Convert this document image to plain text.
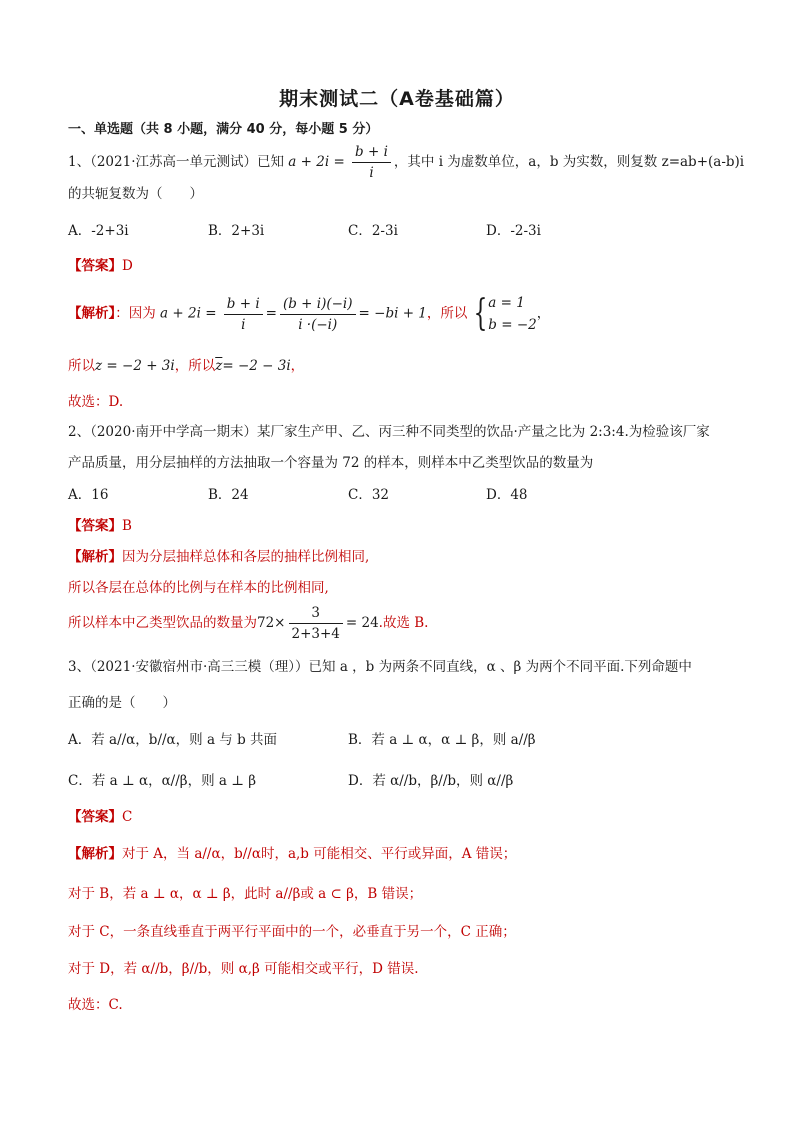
期末测试二（A卷基础篇）
一、单选题（共 8 小题，满分 40 分，每小题 5 分）
1、（2021·江苏高一单元测试）已知 $a + 2i = \frac{b + i}{i}$ ，其中 i 为虚数单位，a，b 为实数，则复数 z=ab+(a-b)i
的共轭复数为（　　）
A．-2+3i	B．2+3i	C．2-3i	D．-2-3i
【答案】D
【解析】：因为 $a + 2i = \frac{b + i}{i} = \frac{(b + i)(-i)}{i \cdot(-i)} = -bi + 1$，所以 { a = 1
b = −2
，
所以z = −2 + 3i，所以$\overline{z}= -2 - 3i$，
故选：D.
2、（2020·南开中学高一期末）某厂家生产甲、乙、丙三种不同类型的饮品·产量之比为 2:3:4.为检验该厂家
产品质量，用分层抽样的方法抽取一个容量为 72 的样本，则样本中乙类型饮品的数量为
A．16	B．24	C．32	D．48
【答案】B
【解析】因为分层抽样总体和各层的抽样比例相同,
所以各层在总体的比例与在样本的比例相同,
所以样本中乙类型饮品的数量为$72\times \frac{3}{2+3+4} = 24$.故选 B.
3、（2021·安徽宿州市·高三三模（理））已知 a ，b 为两条不同直线，α 、β 为两个不同平面.下列命题中
正确的是（　　）
A．若 a//α，b//α，则 a 与 b 共面	B．若 a ⊥ α，α ⊥ β，则 a//β
C．若 a ⊥ α，α//β，则 a ⊥ β	D．若 α//b，β//b，则 α//β
【答案】C
【解析】对于 A，当 a//α，b//α时，a,b 可能相交、平行或异面，A 错误；
对于 B，若 a ⊥ α，α ⊥ β，此时 a//β或 a ⊂ β，B 错误；
对于 C，一条直线垂直于两平行平面中的一个，必垂直于另一个，C 正确；
对于 D，若 α//b，β//b，则 α,β 可能相交或平行，D 错误.
故选：C.
